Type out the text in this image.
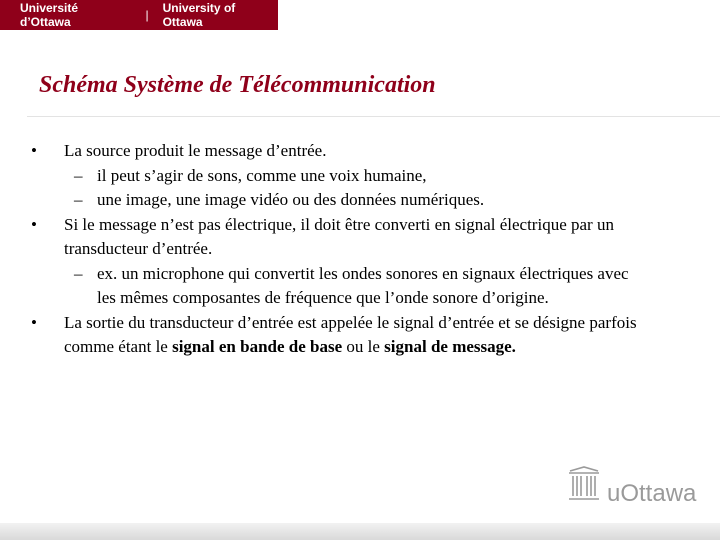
Université d’Ottawa	| University of Ottawa
Schéma Système de Télécommunication
• La source produit le message d’entrée.
– il peut s’agir de sons, comme une voix humaine,
– une image, une image vidéo ou des données numériques.
• Si le message n’est pas électrique, il doit être converti en signal électrique par un transducteur d’entrée.
– ex. un microphone qui convertit les ondes sonores en signaux électriques avec les mêmes composantes de fréquence que l’onde sonore d’origine.
• La sortie du transducteur d’entrée est appelée le signal d’entrée et se désigne parfois comme étant le signal en bande de base ou le signal de message.
uOttawa
